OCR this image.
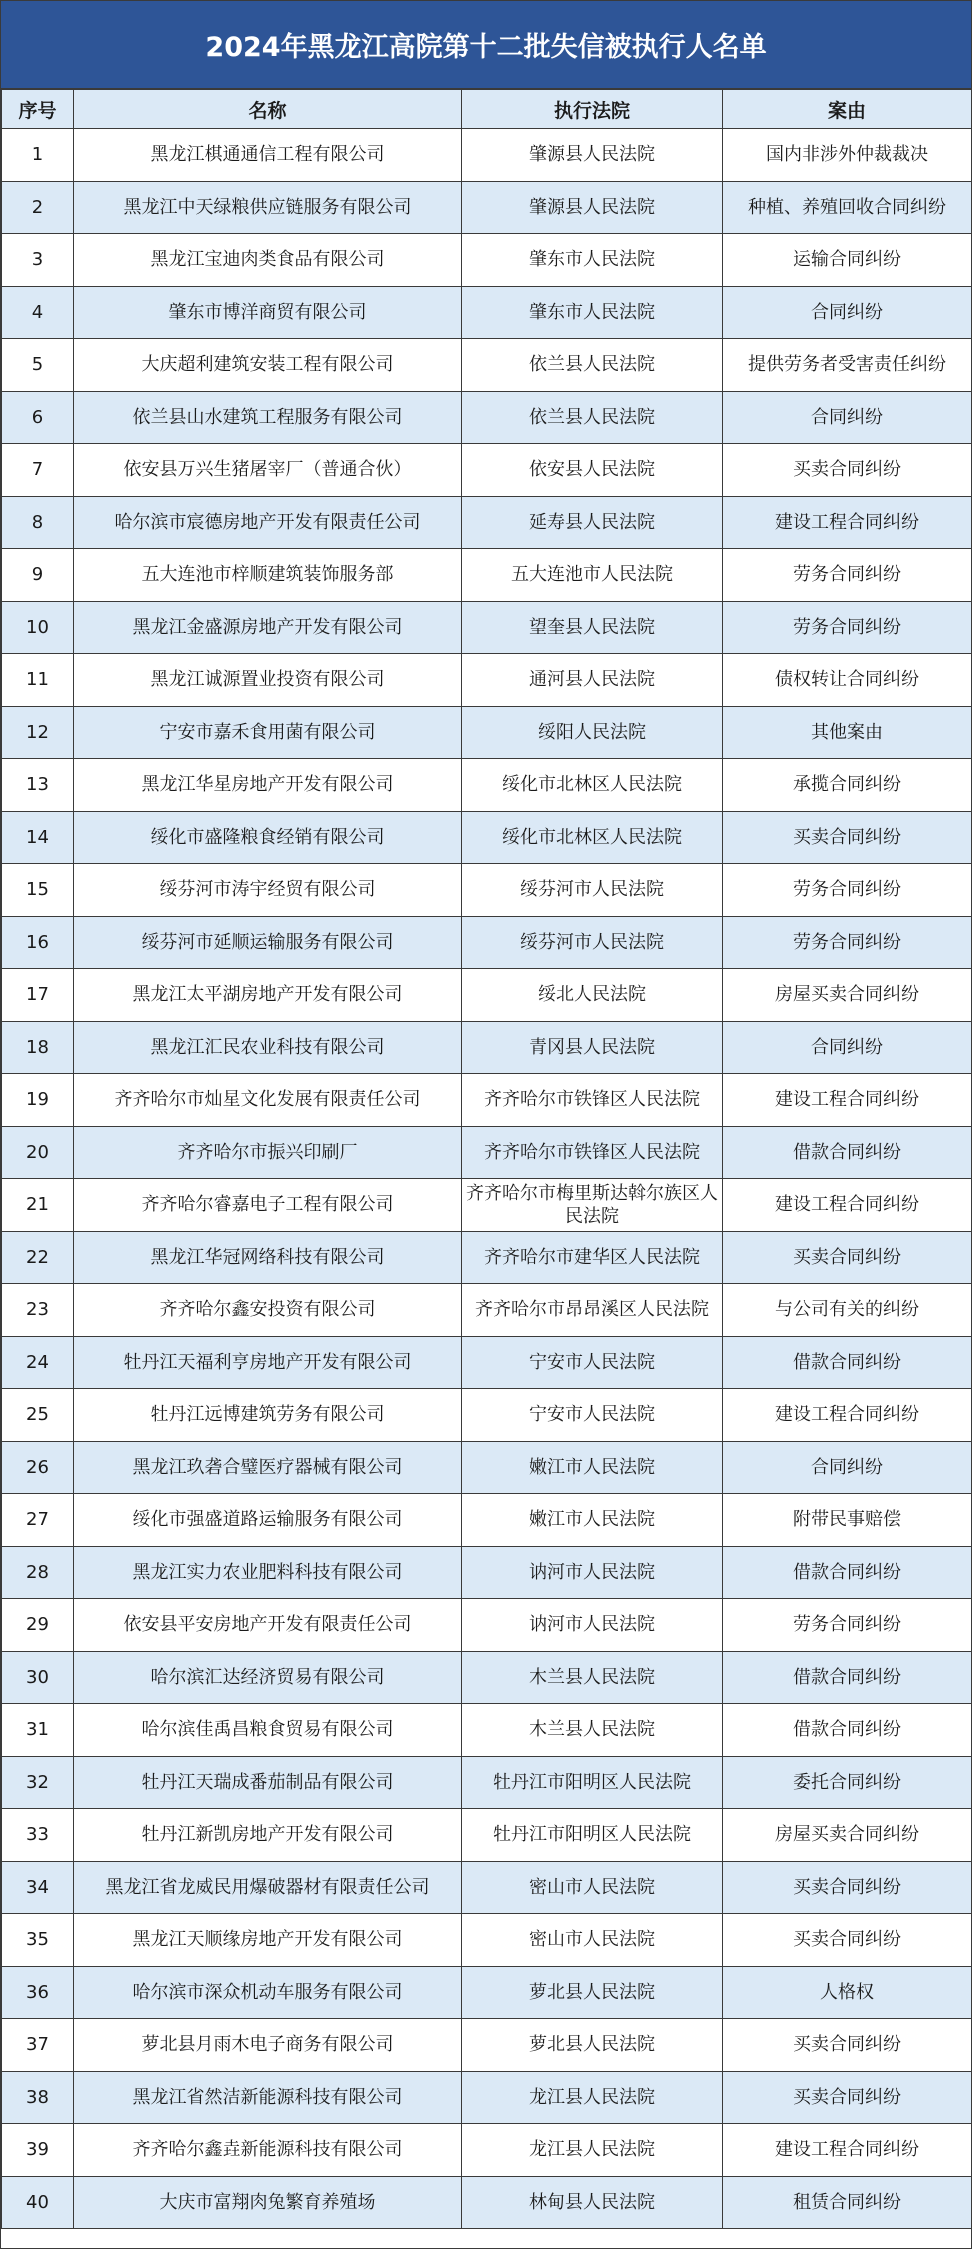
2024年黑龙江高院第十二批失信被执行人名单
序号	名称	执行法院	案由
1	黑龙江棋通通信工程有限公司	肇源县人民法院	国内非涉外仲裁裁决
2	黑龙江中天绿粮供应链服务有限公司	肇源县人民法院	种植、养殖回收合同纠纷
3	黑龙江宝迪肉类食品有限公司	肇东市人民法院	运输合同纠纷
4	肇东市博洋商贸有限公司	肇东市人民法院	合同纠纷
5	大庆超利建筑安装工程有限公司	依兰县人民法院	提供劳务者受害责任纠纷
6	依兰县山水建筑工程服务有限公司	依兰县人民法院	合同纠纷
7	依安县万兴生猪屠宰厂（普通合伙）	依安县人民法院	买卖合同纠纷
8	哈尔滨市宸德房地产开发有限责任公司	延寿县人民法院	建设工程合同纠纷
9	五大连池市梓顺建筑装饰服务部	五大连池市人民法院	劳务合同纠纷
10	黑龙江金盛源房地产开发有限公司	望奎县人民法院	劳务合同纠纷
11	黑龙江诚源置业投资有限公司	通河县人民法院	债权转让合同纠纷
12	宁安市嘉禾食用菌有限公司	绥阳人民法院	其他案由
13	黑龙江华星房地产开发有限公司	绥化市北林区人民法院	承揽合同纠纷
14	绥化市盛隆粮食经销有限公司	绥化市北林区人民法院	买卖合同纠纷
15	绥芬河市涛宇经贸有限公司	绥芬河市人民法院	劳务合同纠纷
16	绥芬河市延顺运输服务有限公司	绥芬河市人民法院	劳务合同纠纷
17	黑龙江太平湖房地产开发有限公司	绥北人民法院	房屋买卖合同纠纷
18	黑龙江汇民农业科技有限公司	青冈县人民法院	合同纠纷
19	齐齐哈尔市灿星文化发展有限责任公司	齐齐哈尔市铁锋区人民法院	建设工程合同纠纷
20	齐齐哈尔市振兴印刷厂	齐齐哈尔市铁锋区人民法院	借款合同纠纷
21	齐齐哈尔睿嘉电子工程有限公司	齐齐哈尔市梅里斯达斡尔族区人民法院	建设工程合同纠纷
22	黑龙江华冠网络科技有限公司	齐齐哈尔市建华区人民法院	买卖合同纠纷
23	齐齐哈尔鑫安投资有限公司	齐齐哈尔市昂昂溪区人民法院	与公司有关的纠纷
24	牡丹江天福利亨房地产开发有限公司	宁安市人民法院	借款合同纠纷
25	牡丹江远博建筑劳务有限公司	宁安市人民法院	建设工程合同纠纷
26	黑龙江玖砻合璧医疗器械有限公司	嫩江市人民法院	合同纠纷
27	绥化市强盛道路运输服务有限公司	嫩江市人民法院	附带民事赔偿
28	黑龙江实力农业肥料科技有限公司	讷河市人民法院	借款合同纠纷
29	依安县平安房地产开发有限责任公司	讷河市人民法院	劳务合同纠纷
30	哈尔滨汇达经济贸易有限公司	木兰县人民法院	借款合同纠纷
31	哈尔滨佳禹昌粮食贸易有限公司	木兰县人民法院	借款合同纠纷
32	牡丹江天瑞成番茄制品有限公司	牡丹江市阳明区人民法院	委托合同纠纷
33	牡丹江新凯房地产开发有限公司	牡丹江市阳明区人民法院	房屋买卖合同纠纷
34	黑龙江省龙威民用爆破器材有限责任公司	密山市人民法院	买卖合同纠纷
35	黑龙江天顺缘房地产开发有限公司	密山市人民法院	买卖合同纠纷
36	哈尔滨市深众机动车服务有限公司	萝北县人民法院	人格权
37	萝北县月雨木电子商务有限公司	萝北县人民法院	买卖合同纠纷
38	黑龙江省然洁新能源科技有限公司	龙江县人民法院	买卖合同纠纷
39	齐齐哈尔鑫垚新能源科技有限公司	龙江县人民法院	建设工程合同纠纷
40	大庆市富翔肉兔繁育养殖场	林甸县人民法院	租赁合同纠纷
